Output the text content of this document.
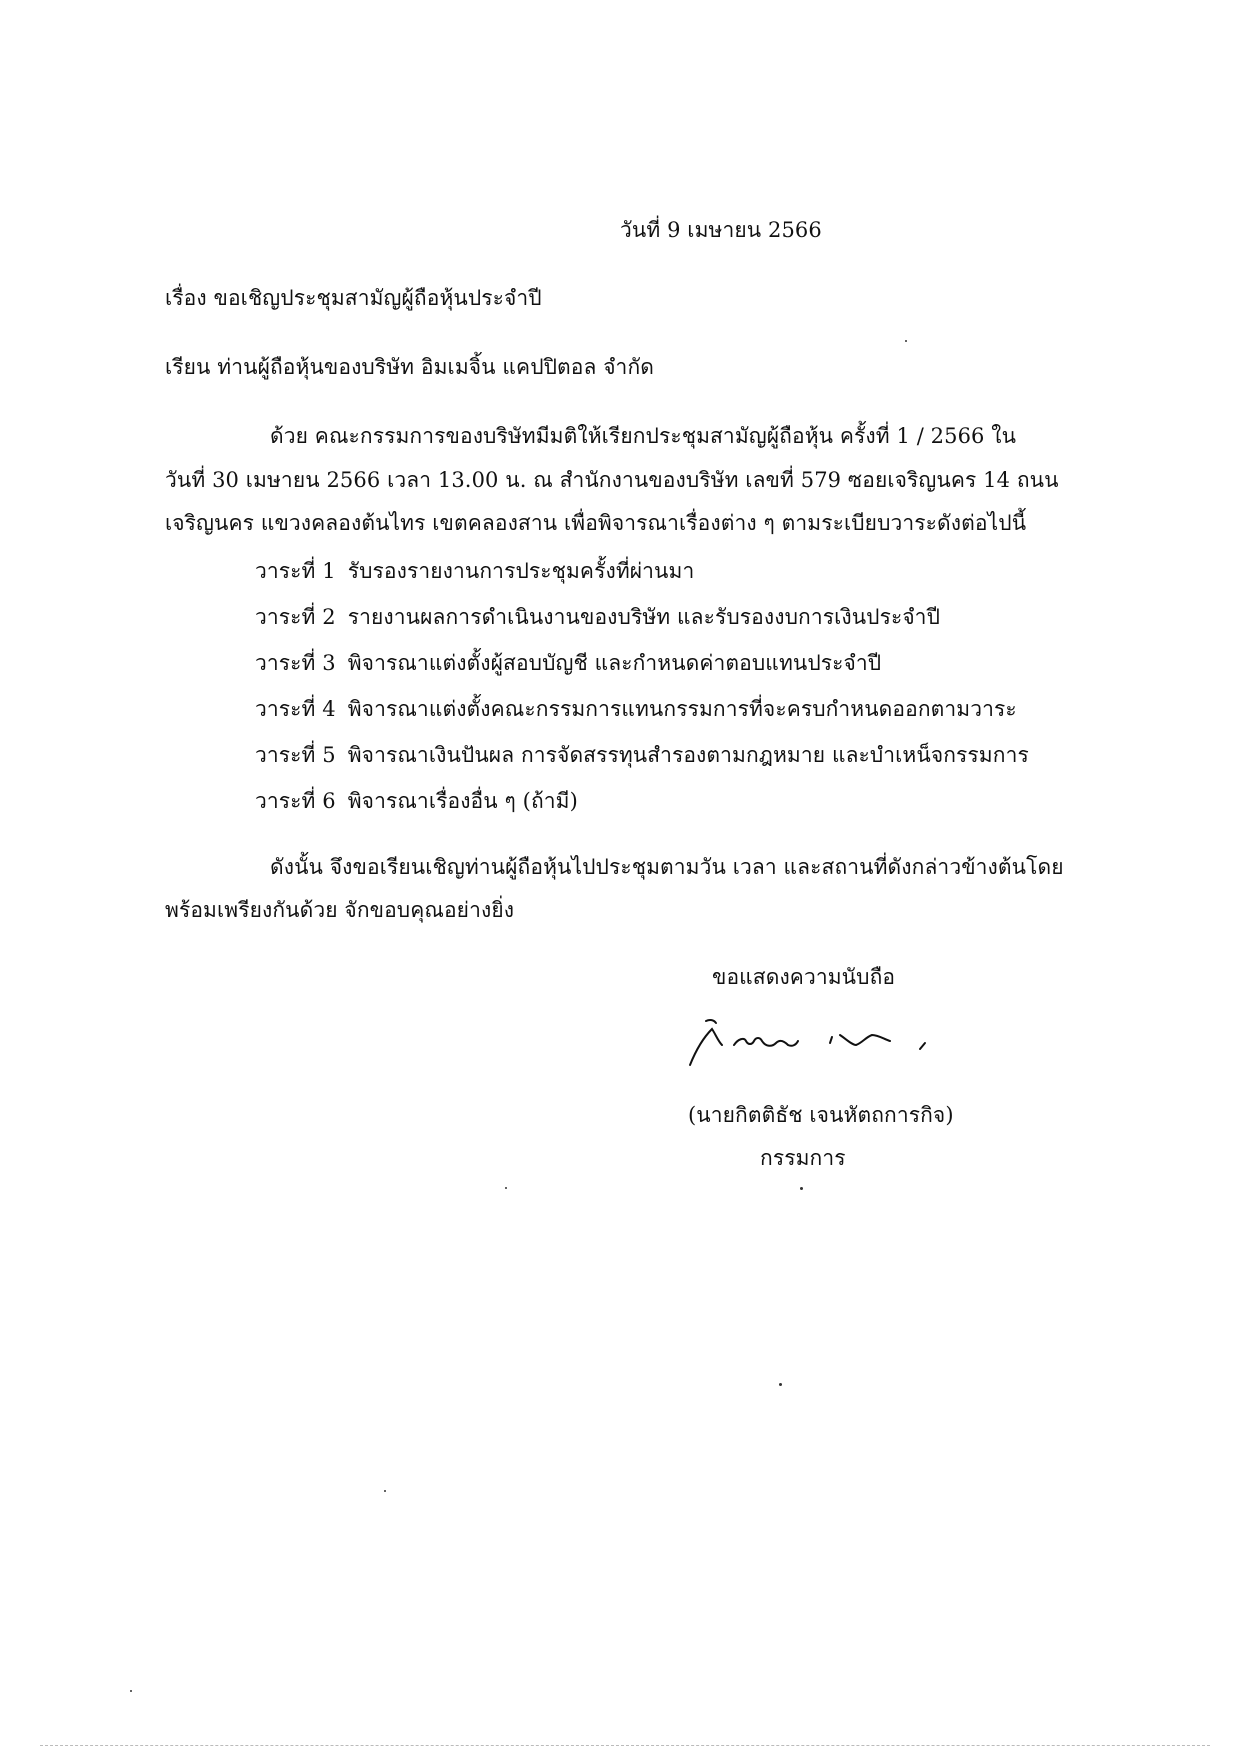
วันที่ 9 เมษายน 2566
เรื่อง ขอเชิญประชุมสามัญผู้ถือหุ้นประจำปี
เรียน ท่านผู้ถือหุ้นของบริษัท อิมเมจิ้น แคปปิตอล จำกัด
ด้วย คณะกรรมการของบริษัทมีมติให้เรียกประชุมสามัญผู้ถือหุ้น ครั้งที่ 1 / 2566 ใน
วันที่ 30 เมษายน 2566 เวลา 13.00 น. ณ สำนักงานของบริษัท เลขที่ 579 ซอยเจริญนคร 14 ถนน
เจริญนคร แขวงคลองต้นไทร เขตคลองสาน เพื่อพิจารณาเรื่องต่าง ๆ ตามระเบียบวาระดังต่อไปนี้
วาระที่ 1 รับรองรายงานการประชุมครั้งที่ผ่านมา
วาระที่ 2 รายงานผลการดำเนินงานของบริษัท และรับรองงบการเงินประจำปี
วาระที่ 3 พิจารณาแต่งตั้งผู้สอบบัญชี และกำหนดค่าตอบแทนประจำปี
วาระที่ 4 พิจารณาแต่งตั้งคณะกรรมการแทนกรรมการที่จะครบกำหนดออกตามวาระ
วาระที่ 5 พิจารณาเงินปันผล การจัดสรรทุนสำรองตามกฎหมาย และบำเหน็จกรรมการ
วาระที่ 6 พิจารณาเรื่องอื่น ๆ (ถ้ามี)
ดังนั้น จึงขอเรียนเชิญท่านผู้ถือหุ้นไปประชุมตามวัน เวลา และสถานที่ดังกล่าวข้างต้นโดย
พร้อมเพรียงกันด้วย จักขอบคุณอย่างยิ่ง
ขอแสดงความนับถือ
(นายกิตติธัช เจนหัตถการกิจ)
กรรมการ
